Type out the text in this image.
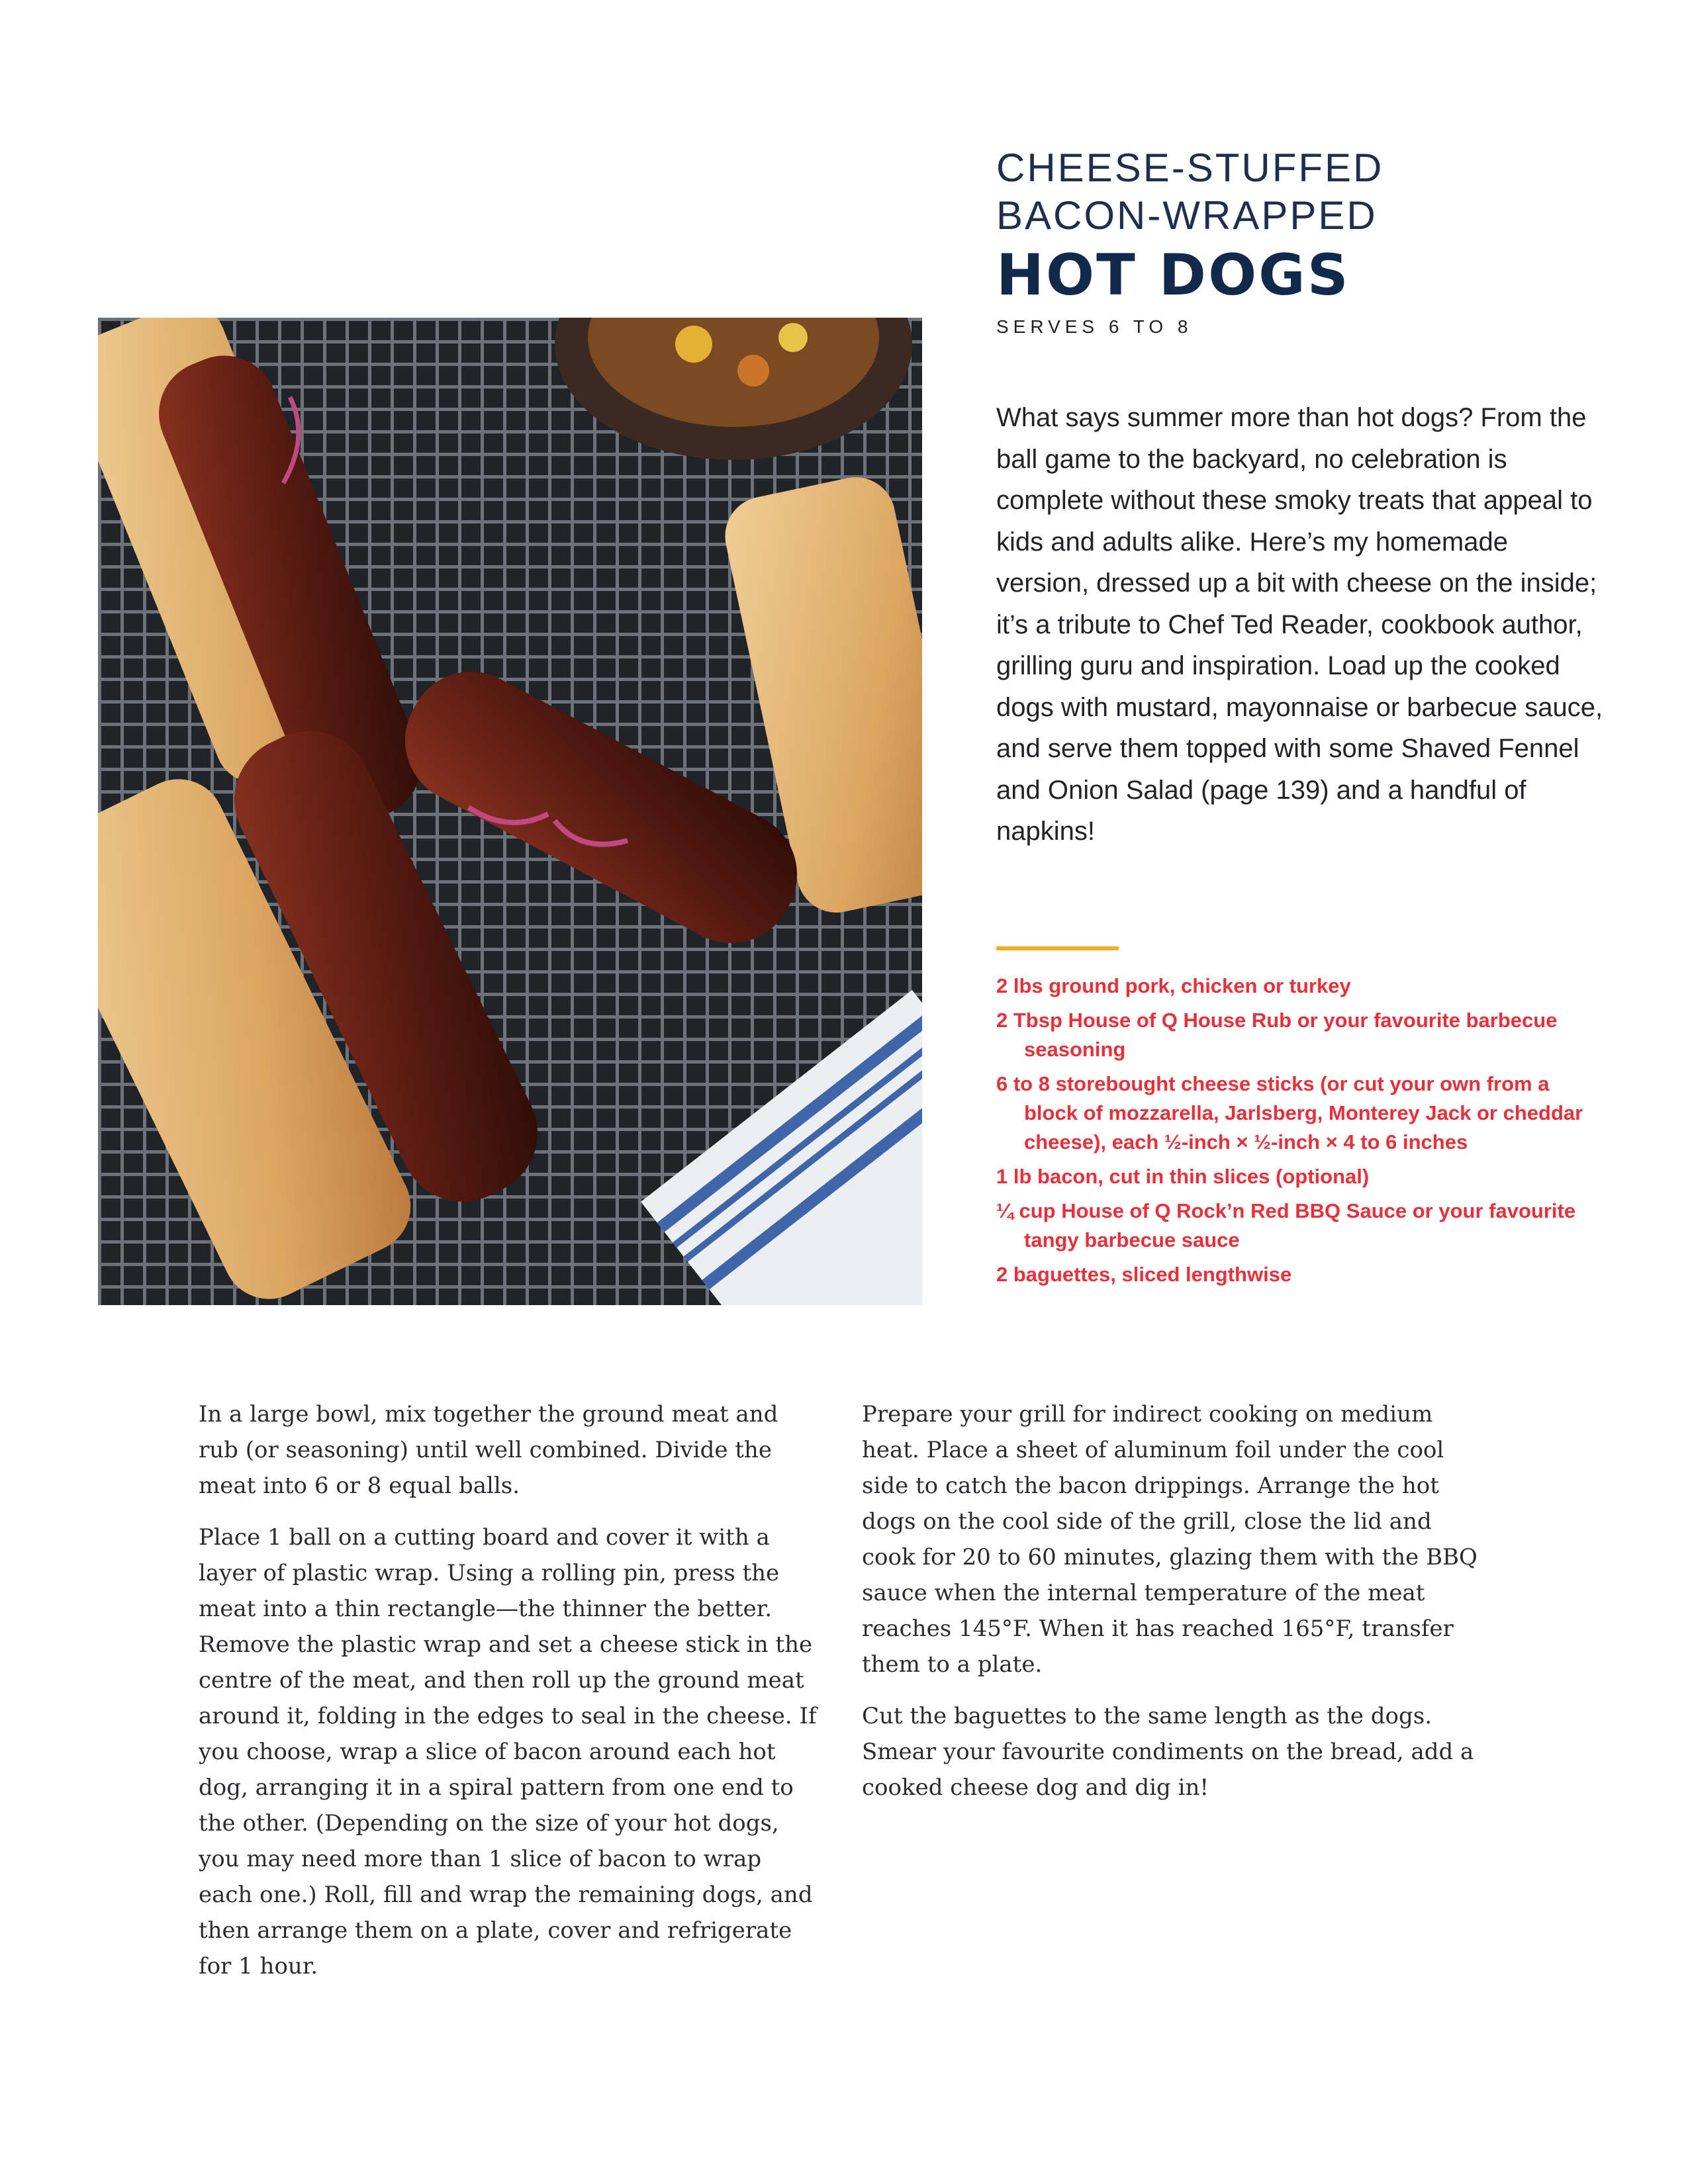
CHEESE-STUFFED

BACON-WRAPPED

HOT DOGS

SERVES 6 TO 8

What says summer more than hot dogs? From the ball game to the backyard, no celebration is complete without these smoky treats that appeal to kids and adults alike. Here’s my homemade version, dressed up a bit with cheese on the inside; it’s a tribute to Chef Ted Reader, cookbook author, grilling guru and inspiration. Load up the cooked dogs with mustard, mayonnaise or barbecue sauce, and serve them topped with some Shaved Fennel and Onion Salad (page 139) and a handful of napkins!

2 lbs ground pork, chicken or turkey
2 Tbsp House of Q House Rub or your favourite barbecue seasoning
6 to 8 storebought cheese sticks (or cut your own from a block of mozzarella, Jarlsberg, Monterey Jack or cheddar cheese), each ½-inch × ½-inch × 4 to 6 inches
1 lb bacon, cut in thin slices (optional)
¼ cup House of Q Rock’n Red BBQ Sauce or your favourite tangy barbecue sauce
2 baguettes, sliced lengthwise

In a large bowl, mix together the ground meat and rub (or seasoning) until well combined. Divide the meat into 6 or 8 equal balls.

Place 1 ball on a cutting board and cover it with a layer of plastic wrap. Using a rolling pin, press the meat into a thin rectangle—the thinner the better. Remove the plastic wrap and set a cheese stick in the centre of the meat, and then roll up the ground meat around it, folding in the edges to seal in the cheese. If you choose, wrap a slice of bacon around each hot dog, arranging it in a spiral pattern from one end to the other. (Depending on the size of your hot dogs, you may need more than 1 slice of bacon to wrap each one.) Roll, fill and wrap the remaining dogs, and then arrange them on a plate, cover and refrigerate for 1 hour.

Prepare your grill for indirect cooking on medium heat. Place a sheet of aluminum foil under the cool side to catch the bacon drippings. Arrange the hot dogs on the cool side of the grill, close the lid and cook for 20 to 60 minutes, glazing them with the BBQ sauce when the internal temperature of the meat reaches 145°F. When it has reached 165°F, transfer them to a plate.

Cut the baguettes to the same length as the dogs. Smear your favourite condiments on the bread, add a cooked cheese dog and dig in!
